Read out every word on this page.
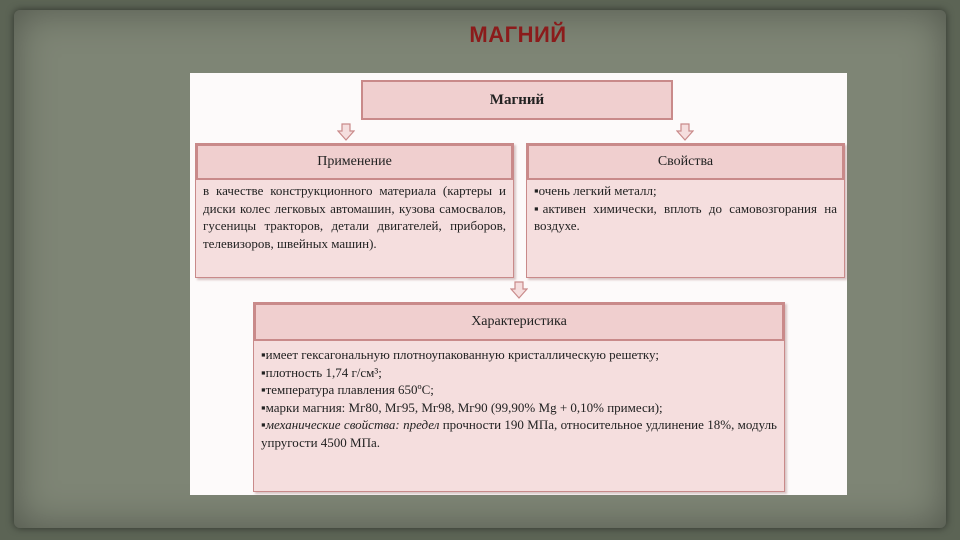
МАГНИЙ
Магний
Применение
в качестве конструкционного материала (картеры и диски колес легковых автомашин, кузова самосвалов, гусеницы тракторов, детали двигателей, приборов, телевизоров, швейных машин).
Свойства
▪очень легкий металл;
▪активен химически, вплоть до самовозгорания на воздухе.
Характеристика
▪имеет гексагональную плотноупакованную кристаллическую решетку;
▪плотность 1,74 г/см³;
▪температура плавления 650ºС;
▪марки магния: Мг80, Мг95, Мг98, Мг90 (99,90% Mg + 0,10% примеси);
▪механические свойства: предел прочности 190 МПа, относительное удлинение 18%, модуль упругости 4500 МПа.
